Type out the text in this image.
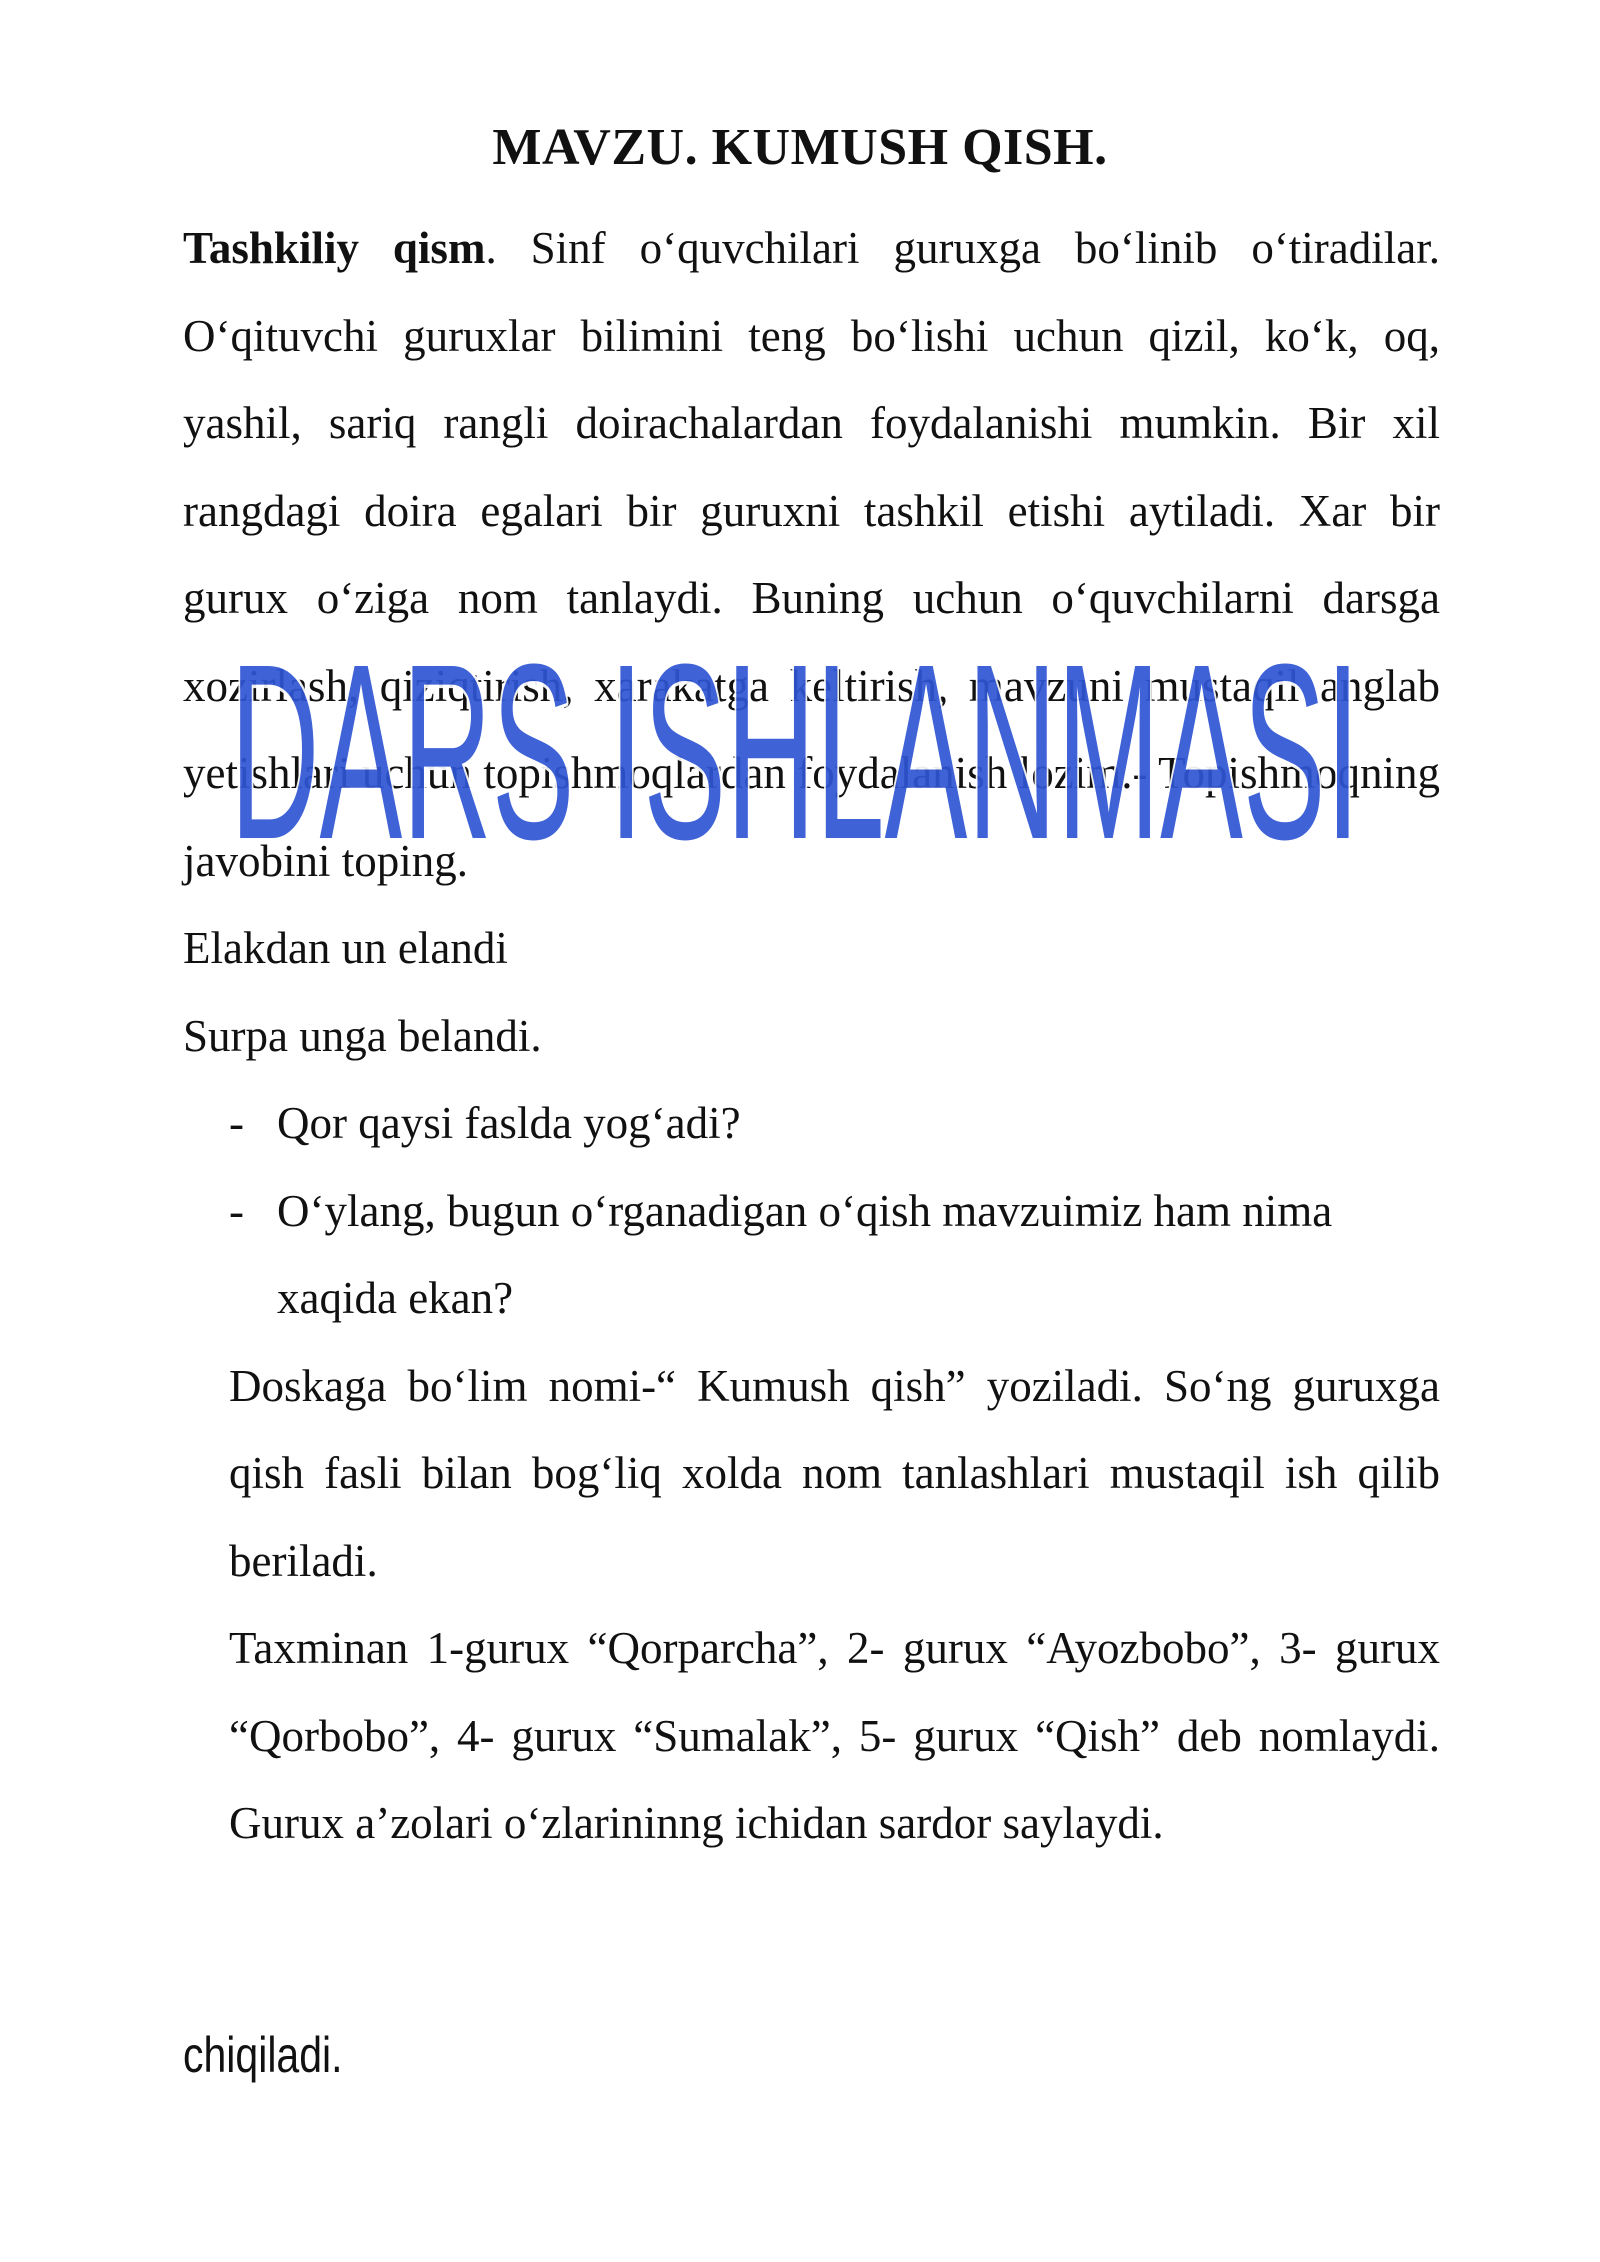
MAVZU. KUMUSH QISH.

Tashkiliy qism. Sinf o‘quvchilari guruxga bo‘linib o‘tiradilar. O‘qituvchi guruxlar bilimini teng bo‘lishi uchun qizil, ko‘k, oq, yashil, sariq rangli doirachalardan foydalanishi mumkin. Bir xil rangdagi doira egalari bir guruxni tashkil etishi aytiladi. Xar bir gurux o‘ziga nom tanlaydi. Buning uchun o‘quvchilarni darsga xozirlash, qiziqtirish, xarakatga keltirish, mavzuni mustaqil anglab yetishlari uchun topishmoqlardan foydalanish lozim.- Topishmoqning javobini toping.

Elakdan un elandi

Surpa unga belandi.

- Qor qaysi faslda yog‘adi?

- O‘ylang, bugun o‘rganadigan o‘qish mavzuimiz ham nima xaqida ekan?

Doskaga bo‘lim nomi-“ Kumush qish” yoziladi. So‘ng guruxga qish fasli bilan bog‘liq xolda nom tanlashlari mustaqil ish qilib beriladi.

Taxminan 1-gurux “Qorparcha”, 2- gurux “Ayozbobo”, 3- gurux “Qorbobo”, 4- gurux “Sumalak”, 5- gurux “Qish” deb nomlaydi. Gurux a’zolari o‘zlarininng ichidan sardor saylaydi.

chiqiladi.
DARS ISHLANMASI
